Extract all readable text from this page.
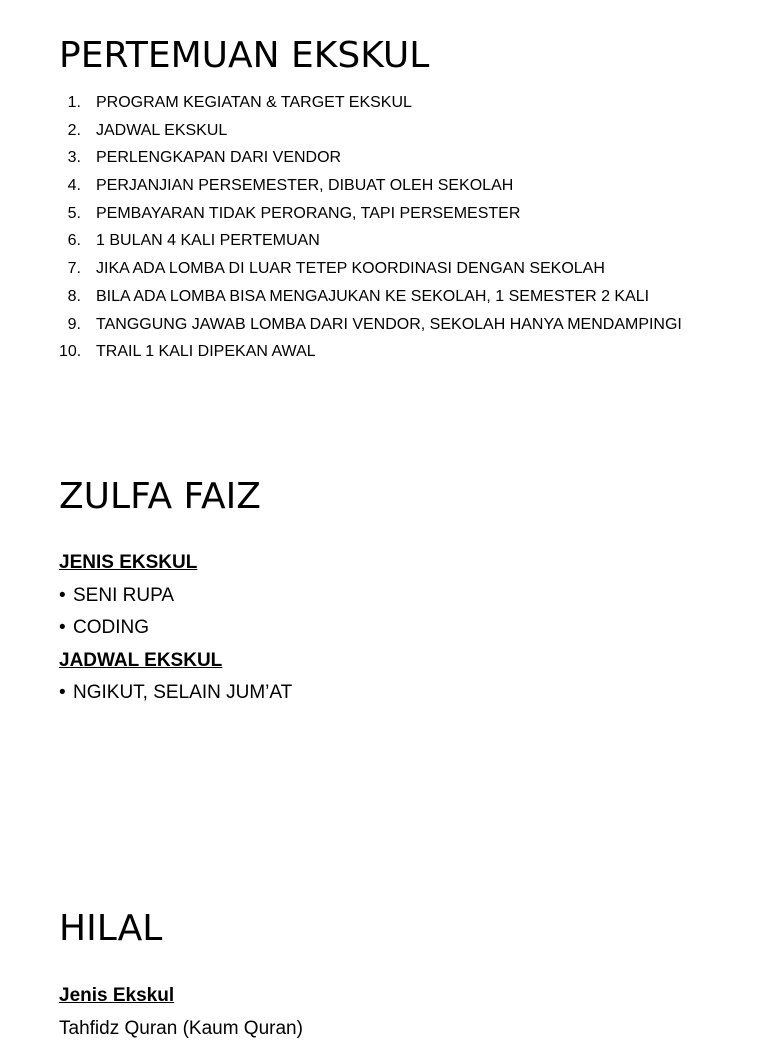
PERTEMUAN EKSKUL
1. PROGRAM KEGIATAN & TARGET EKSKUL
2. JADWAL EKSKUL
3. PERLENGKAPAN DARI VENDOR
4. PERJANJIAN PERSEMESTER, DIBUAT OLEH SEKOLAH
5. PEMBAYARAN TIDAK PERORANG, TAPI PERSEMESTER
6. 1 BULAN 4 KALI PERTEMUAN
7. JIKA ADA LOMBA DI LUAR TETEP KOORDINASI DENGAN SEKOLAH
8. BILA ADA LOMBA BISA MENGAJUKAN KE SEKOLAH, 1 SEMESTER 2 KALI
9. TANGGUNG JAWAB LOMBA DARI VENDOR, SEKOLAH HANYA MENDAMPINGI
10. TRAIL 1 KALI DIPEKAN AWAL
ZULFA FAIZ
JENIS EKSKUL
• SENI RUPA
• CODING
JADWAL EKSKUL
• NGIKUT, SELAIN JUM’AT
HILAL
Jenis Ekskul
Tahfidz Quran (Kaum Quran)
